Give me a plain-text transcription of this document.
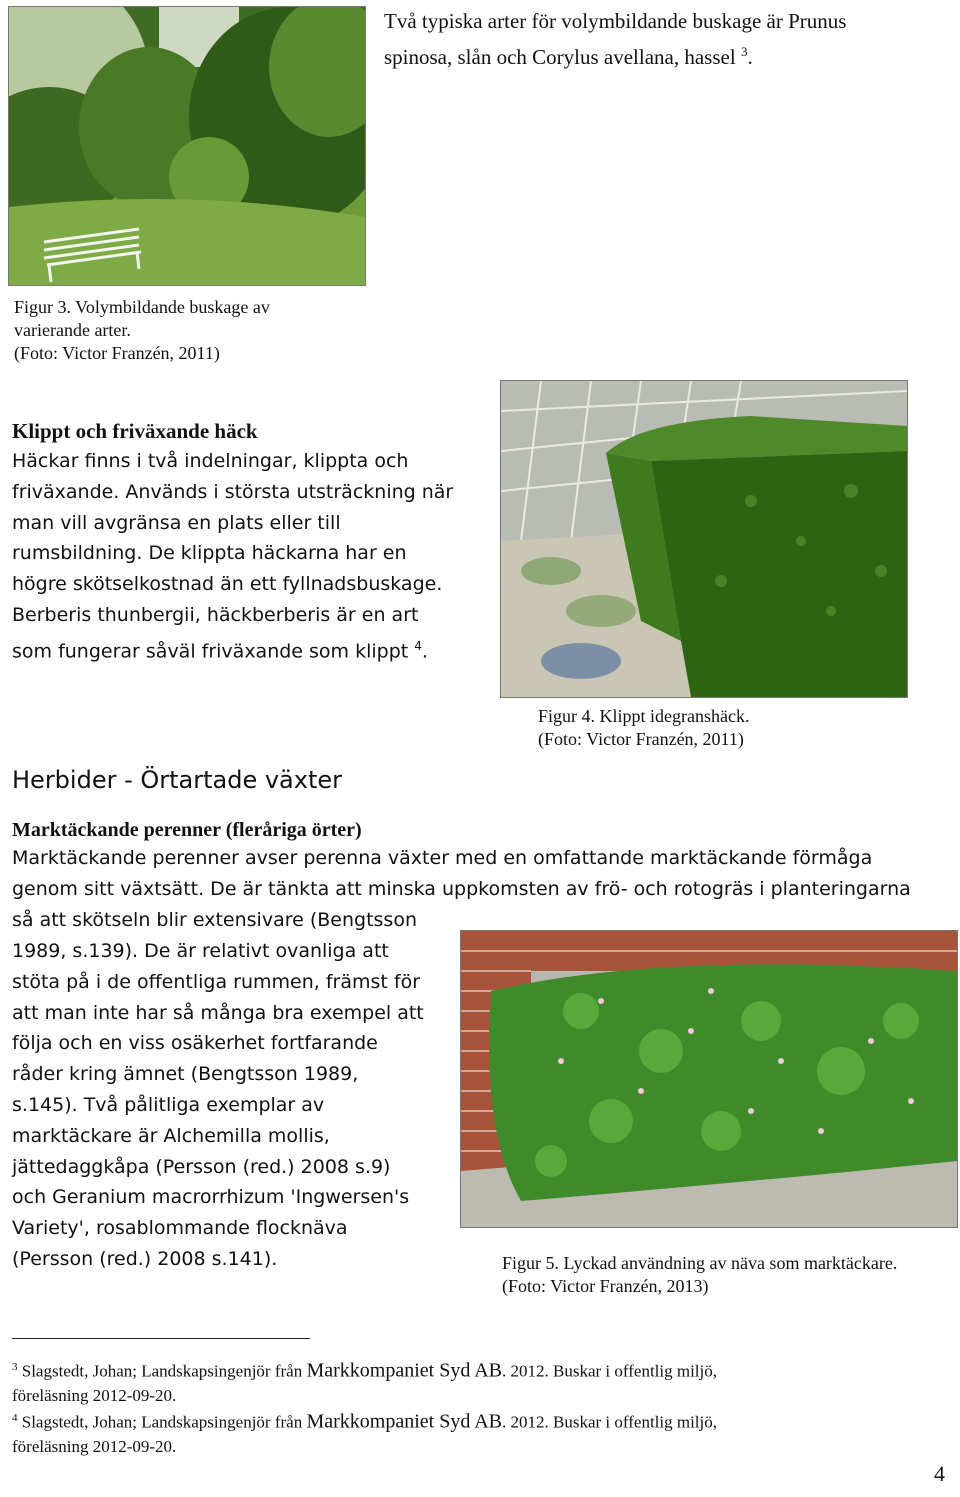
Två typiska arter för volymbildande buskage är Prunus
spinosa, slån och Corylus avellana, hassel $^3$.
Figur 3. Volymbildande buskage av
varierande arter.
(Foto: Victor Franzén, 2011)
Klippt och friväxande häck
Häckar finns i två indelningar, klippta och
friväxande. Används i största utsträckning när
man vill avgränsa en plats eller till
rumsbildning. De klippta häckarna har en
högre skötselkostnad än ett fyllnadsbuskage.
Berberis thunbergii, häckberberis är en art
som fungerar såväl friväxande som klippt $^4$.
Figur 4. Klippt idegranshäck.
(Foto: Victor Franzén, 2011)
Herbider - Örtartade växter
Marktäckande perenner (fleråriga örter)
Marktäckande perenner avser perenna växter med en omfattande marktäckande förmåga
genom sitt växtsätt. De är tänkta att minska uppkomsten av frö- och rotogräs i planteringarna
så att skötseln blir extensivare (Bengtsson
1989, s.139). De är relativt ovanliga att
stöta på i de offentliga rummen, främst för
att man inte har så många bra exempel att
följa och en viss osäkerhet fortfarande
råder kring ämnet (Bengtsson 1989,
s.145). Två pålitliga exemplar av
marktäckare är Alchemilla mollis,
jättedaggkåpa (Persson (red.) 2008 s.9)
och Geranium macrorrhizum 'Ingwersen's
Variety', rosablommande flocknäva
(Persson (red.) 2008 s.141).	Figur 5. Lyckad användning av näva som marktäckare.
(Foto: Victor Franzén, 2013)
$^3$ Slagstedt, Johan; Landskapsingenjör från Markkompaniet Syd AB. 2012. Buskar i offentlig miljö,
föreläsning 2012-09-20.
$^4$ Slagstedt, Johan; Landskapsingenjör från Markkompaniet Syd AB. 2012. Buskar i offentlig miljö,
föreläsning 2012-09-20.
4
